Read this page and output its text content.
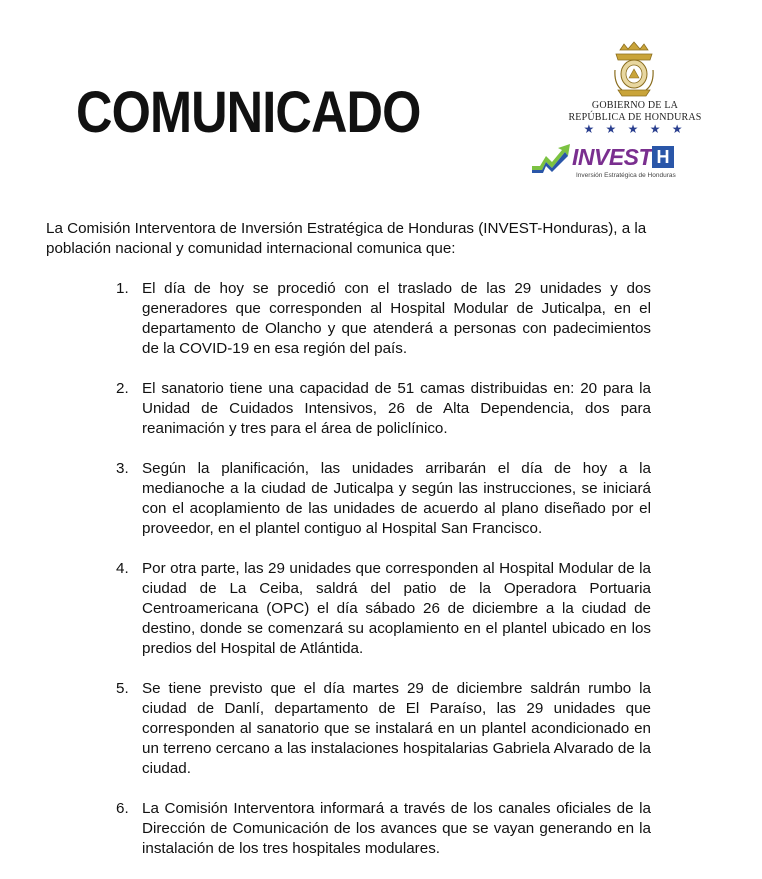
COMUNICADO	GOBIERNO DE LA
REPÚBLICA DE HONDURAS
★ ★ ★ ★ ★
INVEST H
Inversión Estratégica de Honduras

La Comisión Interventora de Inversión Estratégica de Honduras (INVEST-Honduras), a la población nacional y comunidad internacional comunica que:

1. El día de hoy se procedió con el traslado de las 29 unidades y dos generadores que corresponden al Hospital Modular de Juticalpa, en el departamento de Olancho y que atenderá a personas con padecimientos de la COVID-19 en esa región del país.
2. El sanatorio tiene una capacidad de 51 camas distribuidas en: 20 para la Unidad de Cuidados Intensivos, 26 de Alta Dependencia, dos para reanimación y tres para el área de policlínico.
3. Según la planificación, las unidades arribarán el día de hoy a la medianoche a la ciudad de Juticalpa y según las instrucciones, se iniciará con el acoplamiento de las unidades de acuerdo al plano diseñado por el proveedor, en el plantel contiguo al Hospital San Francisco.
4. Por otra parte, las 29 unidades que corresponden al Hospital Modular de la ciudad de La Ceiba, saldrá del patio de la Operadora Portuaria Centroamericana (OPC) el día sábado 26 de diciembre a la ciudad de destino, donde se comenzará su acoplamiento en el plantel ubicado en los predios del Hospital de Atlántida.
5. Se tiene previsto que el día martes 29 de diciembre saldrán rumbo la ciudad de Danlí, departamento de El Paraíso, las 29 unidades que corresponden al sanatorio que se instalará en un plantel acondicionado en un terreno cercano a las instalaciones hospitalarias Gabriela Alvarado de la ciudad.
6. La Comisión Interventora informará a través de los canales oficiales de la Dirección de Comunicación de los avances que se vayan generando en la instalación de los tres hospitales modulares.
